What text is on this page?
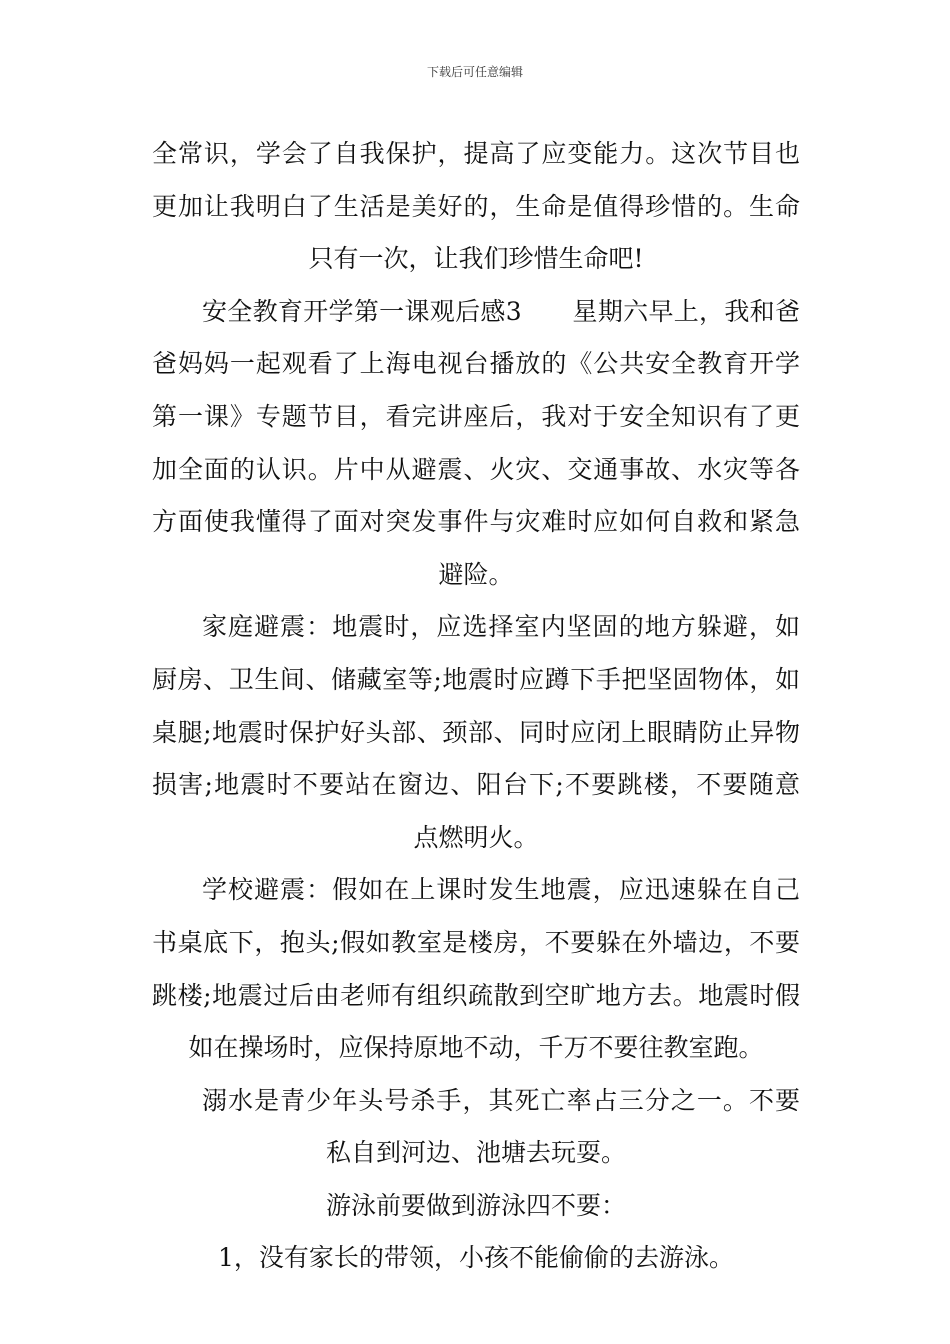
下载后可任意编辑
全常识，学会了自我保护，提高了应变能力。这次节目也
更加让我明白了生活是美好的，生命是值得珍惜的。生命
只有一次，让我们珍惜生命吧!
安全教育开学第一课观后感3　　星期六早上，我和爸
爸妈妈一起观看了上海电视台播放的《公共安全教育开学
第一课》专题节目，看完讲座后，我对于安全知识有了更
加全面的认识。片中从避震、火灾、交通事故、水灾等各
方面使我懂得了面对突发事件与灾难时应如何自救和紧急
避险。
家庭避震：地震时，应选择室内坚固的地方躲避，如
厨房、卫生间、储藏室等;地震时应蹲下手把坚固物体，如
桌腿;地震时保护好头部、颈部、同时应闭上眼睛防止异物
损害;地震时不要站在窗边、阳台下;不要跳楼，不要随意
点燃明火。
学校避震：假如在上课时发生地震，应迅速躲在自己
书桌底下，抱头;假如教室是楼房，不要躲在外墙边，不要
跳楼;地震过后由老师有组织疏散到空旷地方去。地震时假
如在操场时，应保持原地不动，千万不要往教室跑。
溺水是青少年头号杀手，其死亡率占三分之一。不要
私自到河边、池塘去玩耍。
游泳前要做到游泳四不要：
1，没有家长的带领，小孩不能偷偷的去游泳。
